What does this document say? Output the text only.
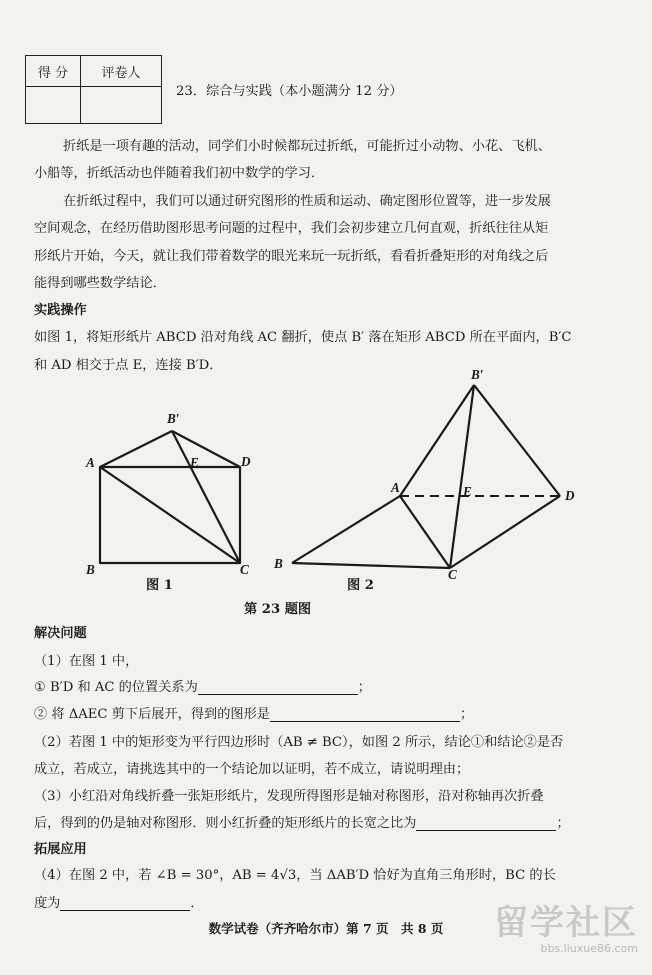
得 分	评卷人

23．综合与实践（本小题满分 12 分）
折纸是一项有趣的活动，同学们小时候都玩过折纸，可能折过小动物、小花、飞机、
小船等，折纸活动也伴随着我们初中数学的学习．
在折纸过程中，我们可以通过研究图形的性质和运动、确定图形位置等，进一步发展
空间观念，在经历借助图形思考问题的过程中，我们会初步建立几何直观，折纸往往从矩
形纸片开始，今天，就让我们带着数学的眼光来玩一玩折纸，看看折叠矩形的对角线之后
能得到哪些数学结论．
实践操作
如图 1，将矩形纸片 ABCD 沿对角线 AC 翻折，使点 B′ 落在矩形 ABCD 所在平面内，B′C
和 AD 相交于点 E，连接 B′D．
A
B	C
D
E
B′
图 1
A
B
C
D
E
B′
图 2
第 23 题图
解决问题
（1）在图 1 中，
① B′D 和 AC 的位置关系为	；
② 将 ΔAEC 剪下后展开，得到的图形是	；
（2）若图 1 中的矩形变为平行四边形时（AB ≠ BC），如图 2 所示，结论①和结论②是否
成立，若成立，请挑选其中的一个结论加以证明，若不成立，请说明理由；
（3）小红沿对角线折叠一张矩形纸片，发现所得图形是轴对称图形，沿对称轴再次折叠
后，得到的仍是轴对称图形．则小红折叠的矩形纸片的长宽之比为	；
拓展应用
（4）在图 2 中，若 ∠B = 30°，AB = 4√3，当 ΔAB′D 恰好为直角三角形时，BC 的长
度为	．
数学试卷（齐齐哈尔市）第 7 页　共 8 页	留学社区
bbs.liuxue86.com
